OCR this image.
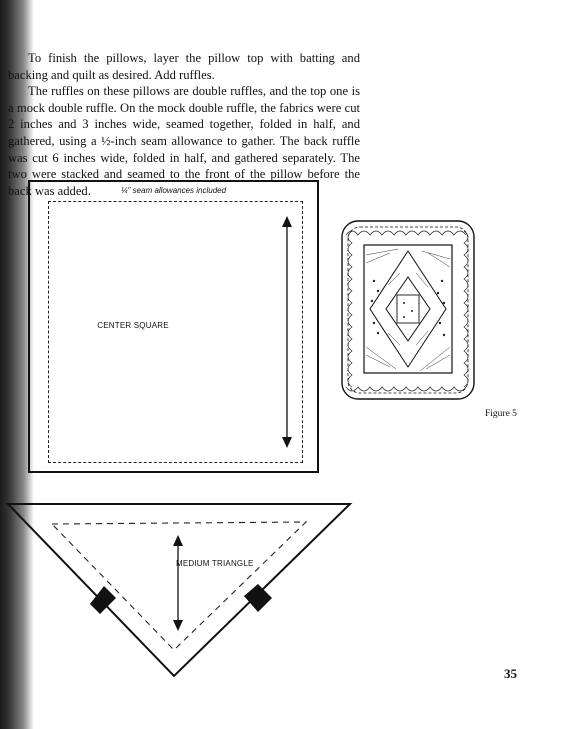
To finish the pillows, layer the pillow top with batting and backing and quilt as desired. Add ruffles.

The ruffles on these pillows are double ruffles, and the top one is a mock double ruffle. On the mock double ruffle, the fabrics were cut 2 inches and 3 inches wide, seamed together, folded in half, and gathered, using a ½-inch seam allowance to gather. The back ruffle was cut 6 inches wide, folded in half, and gathered separately. The two were stacked and seamed to the front of the pillow before the back was added.	¼" seam allowances included
CENTER SQUARE
MEDIUM TRIANGLE
Figure 5
35
